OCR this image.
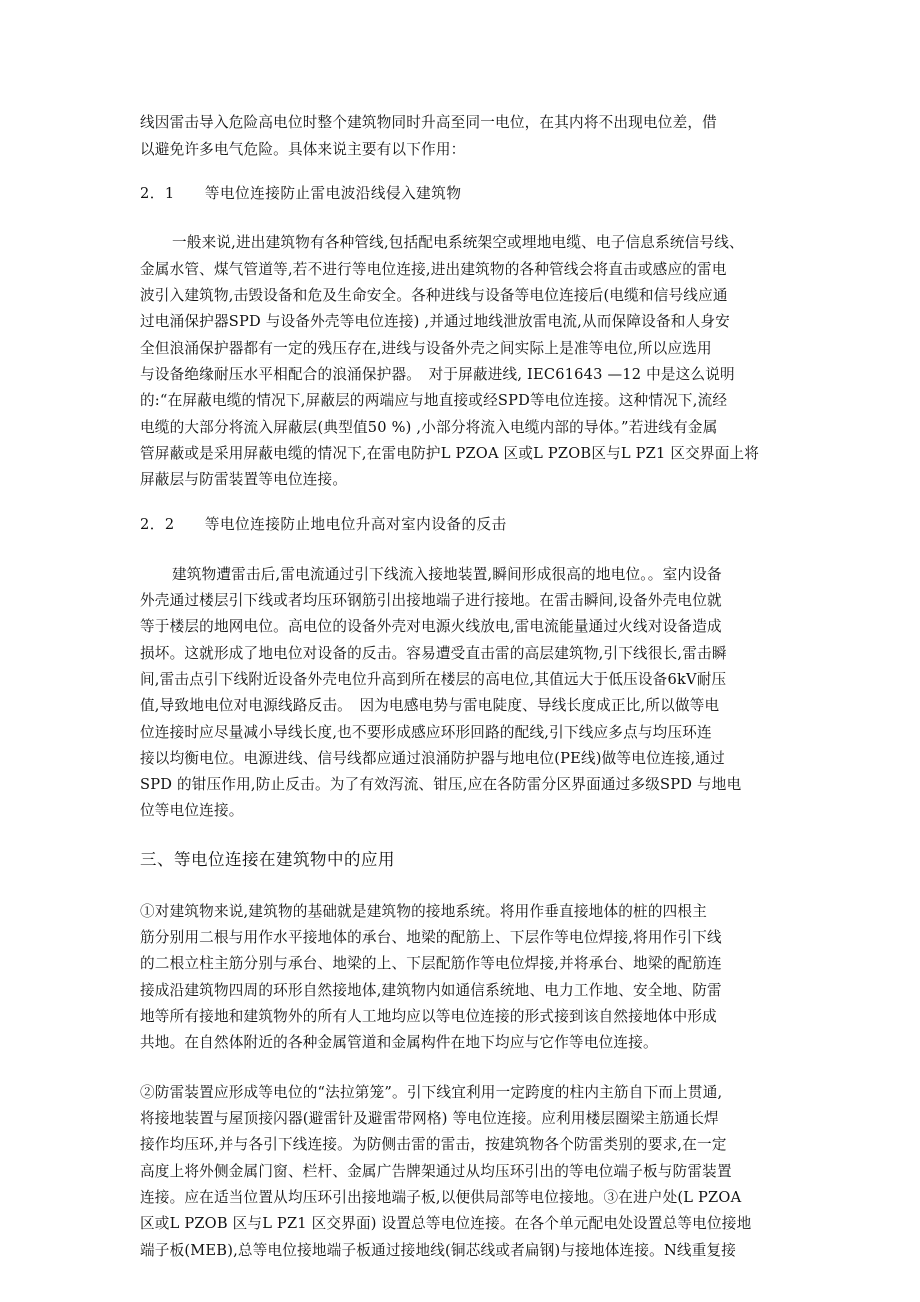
线因雷击导入危险高电位时整个建筑物同时升高至同一电位，在其内将不出现电位差，借
以避免许多电气危险。具体来说主要有以下作用：
2．1　　等电位连接防止雷电波沿线侵入建筑物
一般来说,进出建筑物有各种管线,包括配电系统架空或埋地电缆、电子信息系统信号线、
金属水管、煤气管道等,若不进行等电位连接,进出建筑物的各种管线会将直击或感应的雷电
波引入建筑物,击毁设备和危及生命安全。各种进线与设备等电位连接后(电缆和信号线应通
过电涌保护器SPD 与设备外壳等电位连接) ,并通过地线泄放雷电流,从而保障设备和人身安
全但浪涌保护器都有一定的残压存在,进线与设备外壳之间实际上是准等电位,所以应选用
与设备绝缘耐压水平相配合的浪涌保护器。　对于屏蔽进线, IEC61643 —12 中是这么说明
的:“在屏蔽电缆的情况下,屏蔽层的两端应与地直接或经SPD等电位连接。这种情况下,流经
电缆的大部分将流入屏蔽层(典型值50 %) ,小部分将流入电缆内部的导体。”若进线有金属
管屏蔽或是采用屏蔽电缆的情况下,在雷电防护L PZOA 区或L PZOB区与L PZ1 区交界面上将
屏蔽层与防雷装置等电位连接。
2．2　　等电位连接防止地电位升高对室内设备的反击
建筑物遭雷击后,雷电流通过引下线流入接地装置,瞬间形成很高的地电位。。室内设备
外壳通过楼层引下线或者均压环钢筋引出接地端子进行接地。在雷击瞬间,设备外壳电位就
等于楼层的地网电位。高电位的设备外壳对电源火线放电,雷电流能量通过火线对设备造成
损坏。这就形成了地电位对设备的反击。容易遭受直击雷的高层建筑物,引下线很长,雷击瞬
间,雷击点引下线附近设备外壳电位升高到所在楼层的高电位,其值远大于低压设备6kV耐压
值,导致地电位对电源线路反击。　因为电感电势与雷电陡度、导线长度成正比,所以做等电
位连接时应尽量减小导线长度,也不要形成感应环形回路的配线,引下线应多点与均压环连
接以均衡电位。电源进线、信号线都应通过浪涌防护器与地电位(PE线)做等电位连接,通过
SPD 的钳压作用,防止反击。为了有效泻流、钳压,应在各防雷分区界面通过多级SPD 与地电
位等电位连接。
三、等电位连接在建筑物中的应用
①对建筑物来说,建筑物的基础就是建筑物的接地系统。将用作垂直接地体的桩的四根主
筋分别用二根与用作水平接地体的承台、地梁的配筋上、下层作等电位焊接,将用作引下线
的二根立柱主筋分别与承台、地梁的上、下层配筋作等电位焊接,并将承台、地梁的配筋连
接成沿建筑物四周的环形自然接地体,建筑物内如通信系统地、电力工作地、安全地、防雷
地等所有接地和建筑物外的所有人工地均应以等电位连接的形式接到该自然接地体中形成
共地。在自然体附近的各种金属管道和金属构件在地下均应与它作等电位连接。
②防雷装置应形成等电位的“法拉第笼”。引下线宜利用一定跨度的柱内主筋自下而上贯通,
将接地装置与屋顶接闪器(避雷针及避雷带网格) 等电位连接。应利用楼层圈梁主筋通长焊
接作均压环,并与各引下线连接。为防侧击雷的雷击，按建筑物各个防雷类别的要求,在一定
高度上将外侧金属门窗、栏杆、金属广告牌架通过从均压环引出的等电位端子板与防雷装置
连接。应在适当位置从均压环引出接地端子板,以便供局部等电位接地。③在进户处(L PZOA
区或L PZOB 区与L PZ1 区交界面) 设置总等电位连接。在各个单元配电处设置总等电位接地
端子板(MEB),总等电位接地端子板通过接地线(铜芯线或者扁钢)与接地体连接。N线重复接
